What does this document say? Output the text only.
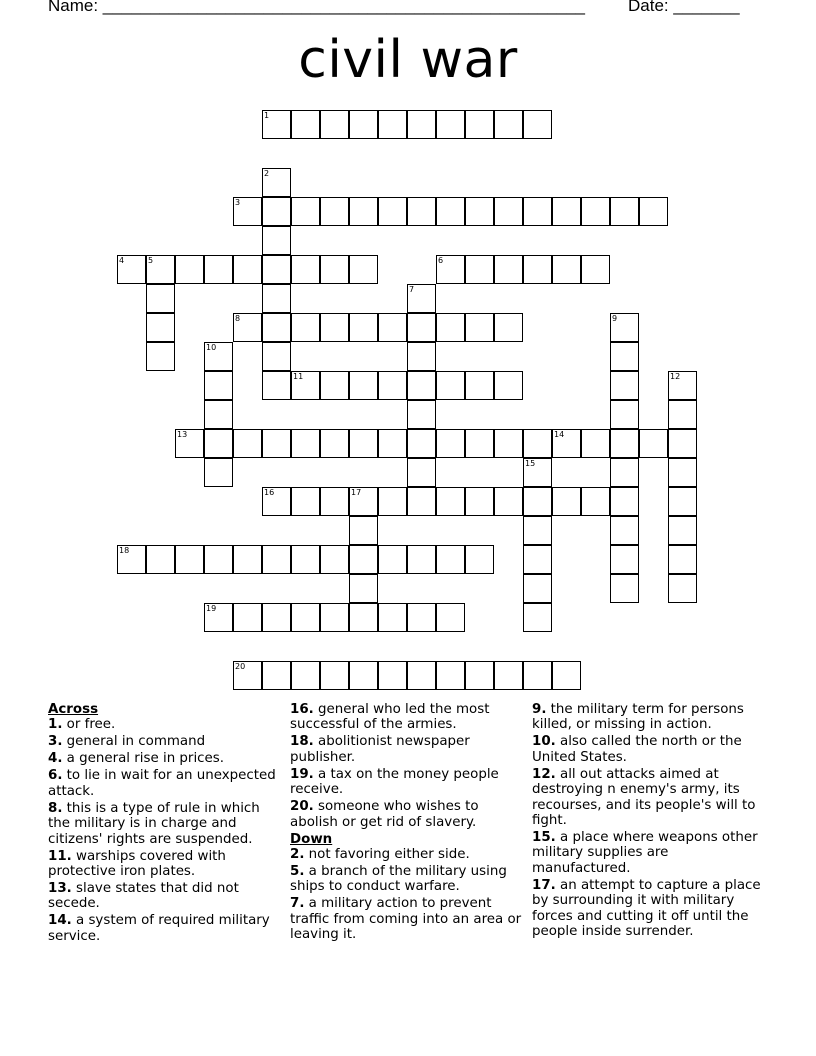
Name: ___________________________________________________	Date: _______
civil war
1
2
3
4	5	6
7
8	9
10
11	12
13	14
15
16	17
18
19
20
Across
1. or free.
3. general in command
4. a general rise in prices.
6. to lie in wait for an unexpected attack.
8. this is a type of rule in which the military is in charge and citizens' rights are suspended.
11. warships covered with protective iron plates.
13. slave states that did not secede.
14. a system of required military service.
16. general who led the most successful of the armies.
18. abolitionist newspaper publisher.
19. a tax on the money people receive.
20. someone who wishes to abolish or get rid of slavery.
Down
2. not favoring either side.
5. a branch of the military using ships to conduct warfare.
7. a military action to prevent traffic from coming into an area or leaving it.
9. the military term for persons killed, or missing in action.
10. also called the north or the United States.
12. all out attacks aimed at destroying n enemy's army, its recourses, and its people's will to fight.
15. a place where weapons other military supplies are manufactured.
17. an attempt to capture a place by surrounding it with military forces and cutting it off until the people inside surrender.
